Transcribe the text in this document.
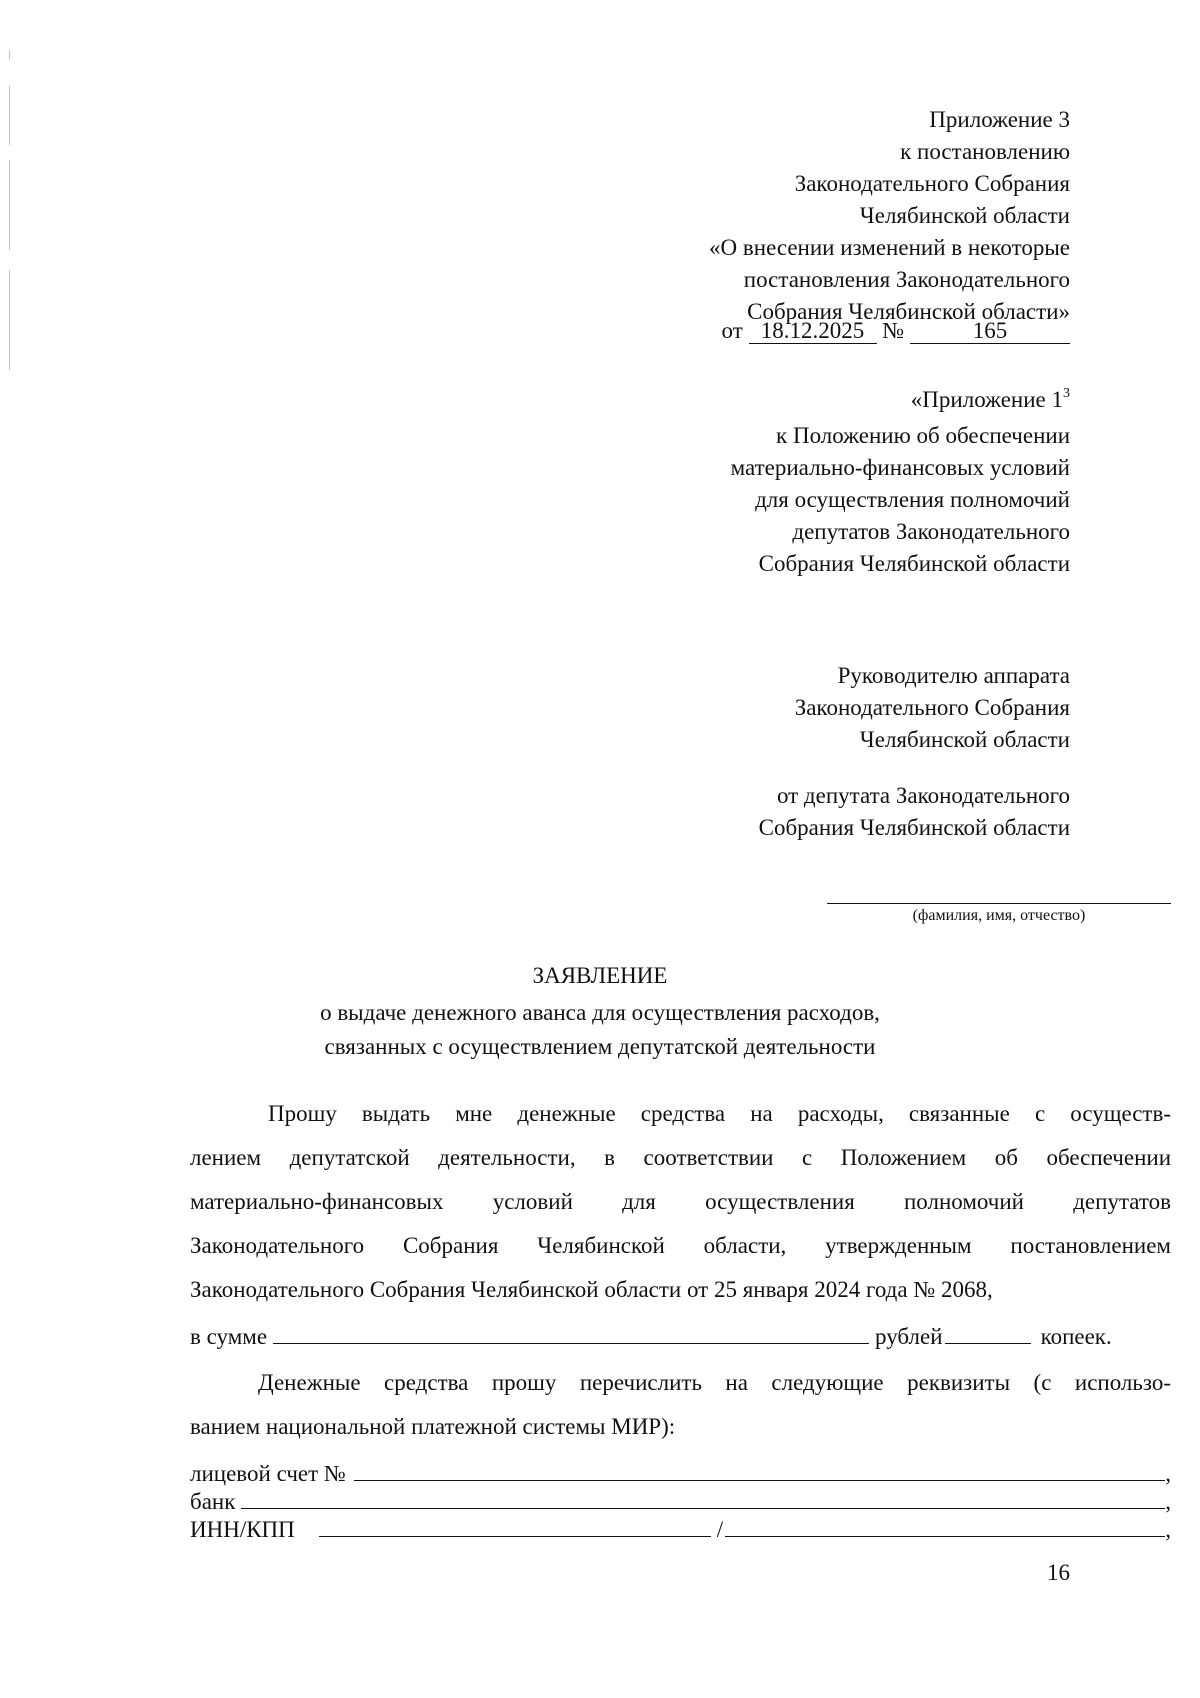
Приложение 3
к постановлению
Законодательного Собрания
Челябинской области
«О внесении изменений в некоторые
постановления Законодательного
Собрания Челябинской области»
от 18.12.2025 №	165
«Приложение $1^3$
к Положению об обеспечении
материально-финансовых условий
для осуществления полномочий
депутатов Законодательного
Собрания Челябинской области
Руководителю аппарата
Законодательного Собрания
Челябинской области
от депутата Законодательного
Собрания Челябинской области
(фамилия, имя, отчество)
ЗАЯВЛЕНИЕ
о выдаче денежного аванса для осуществления расходов,
связанных с осуществлением депутатской деятельности
Прошу выдать мне денежные средства на расходы, связанные с осуществ-
лением депутатской деятельности, в соответствии с Положением об обеспечении
материально-финансовых условий для осуществления полномочий депутатов
Законодательного Собрания Челябинской области, утвержденным постановлением
Законодательного Собрания Челябинской области от 25 января 2024 года № 2068,
в сумме	рублей	копеек.
Денежные средства прошу перечислить на следующие реквизиты (с использо-
ванием национальной платежной системы МИР):
лицевой счет №	,
банк	,
ИНН/КПП	/	,
16
